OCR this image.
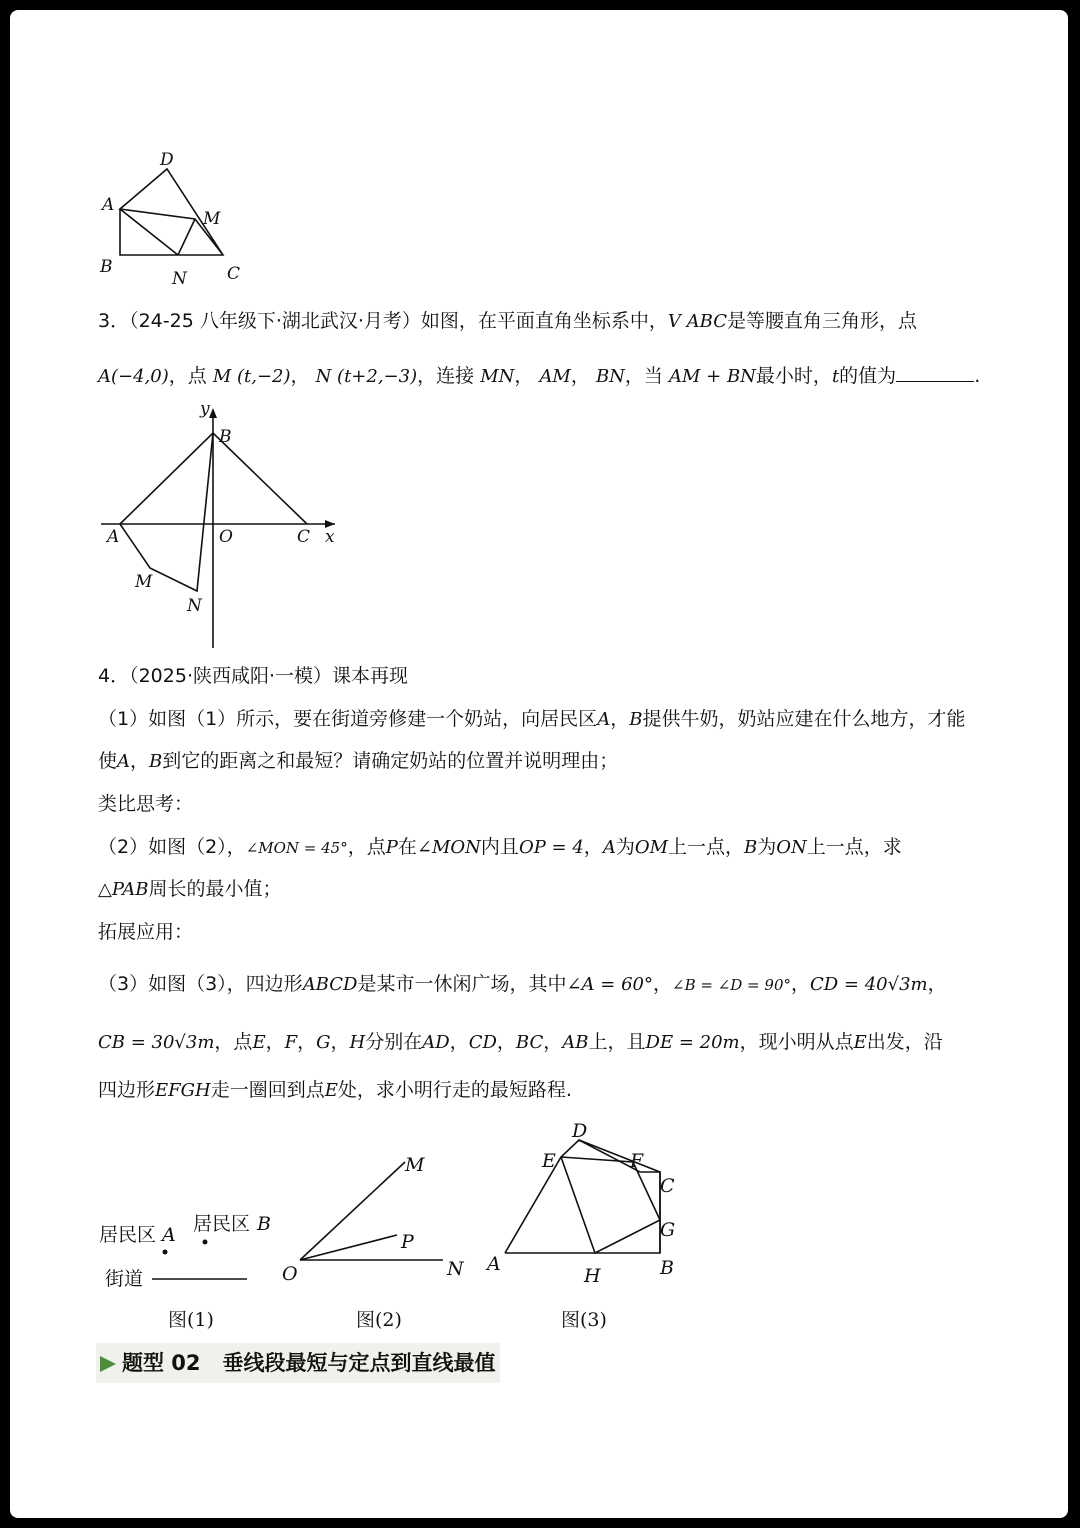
D
A
M
B
N C
3．（24-25 八年级下·湖北武汉·月考）如图，在平面直角坐标系中，V ABC是等腰直角三角形，点
A(−4,0)，点 M (t,−2)， N (t+2,−3)，连接 MN， AM， BN，当 AM + BN最小时，t的值为	.
y
B
A	O	C x
M
N
4．（2025·陕西咸阳·一模）课本再现
（1）如图（1）所示，要在街道旁修建一个奶站，向居民区A，B提供牛奶，奶站应建在什么地方，才能
使A，B到它的距离之和最短？请确定奶站的位置并说明理由；
类比思考：
（2）如图（2），∠MON = 45°，点P在∠MON内且OP = 4，A为OM上一点，B为ON上一点，求
△PAB周长的最小值；
拓展应用：
（3）如图（3），四边形ABCD是某市一休闲广场，其中∠A = 60°，∠B = ∠D = 90°，CD = 40√3m，
CB = 30√3m，点E，F，G，H分别在AD，CD，BC，AB上，且DE = 20m，现小明从点E出发，沿
四边形EFGH走一圈回到点E处，求小明行走的最短路程.
居民区 A 居民区 B
街道
图(1)
M
P
O	N
图(2)
D
E	F
C
G
A
H	B
图(3)
题型 02 垂线段最短与定点到直线最值
